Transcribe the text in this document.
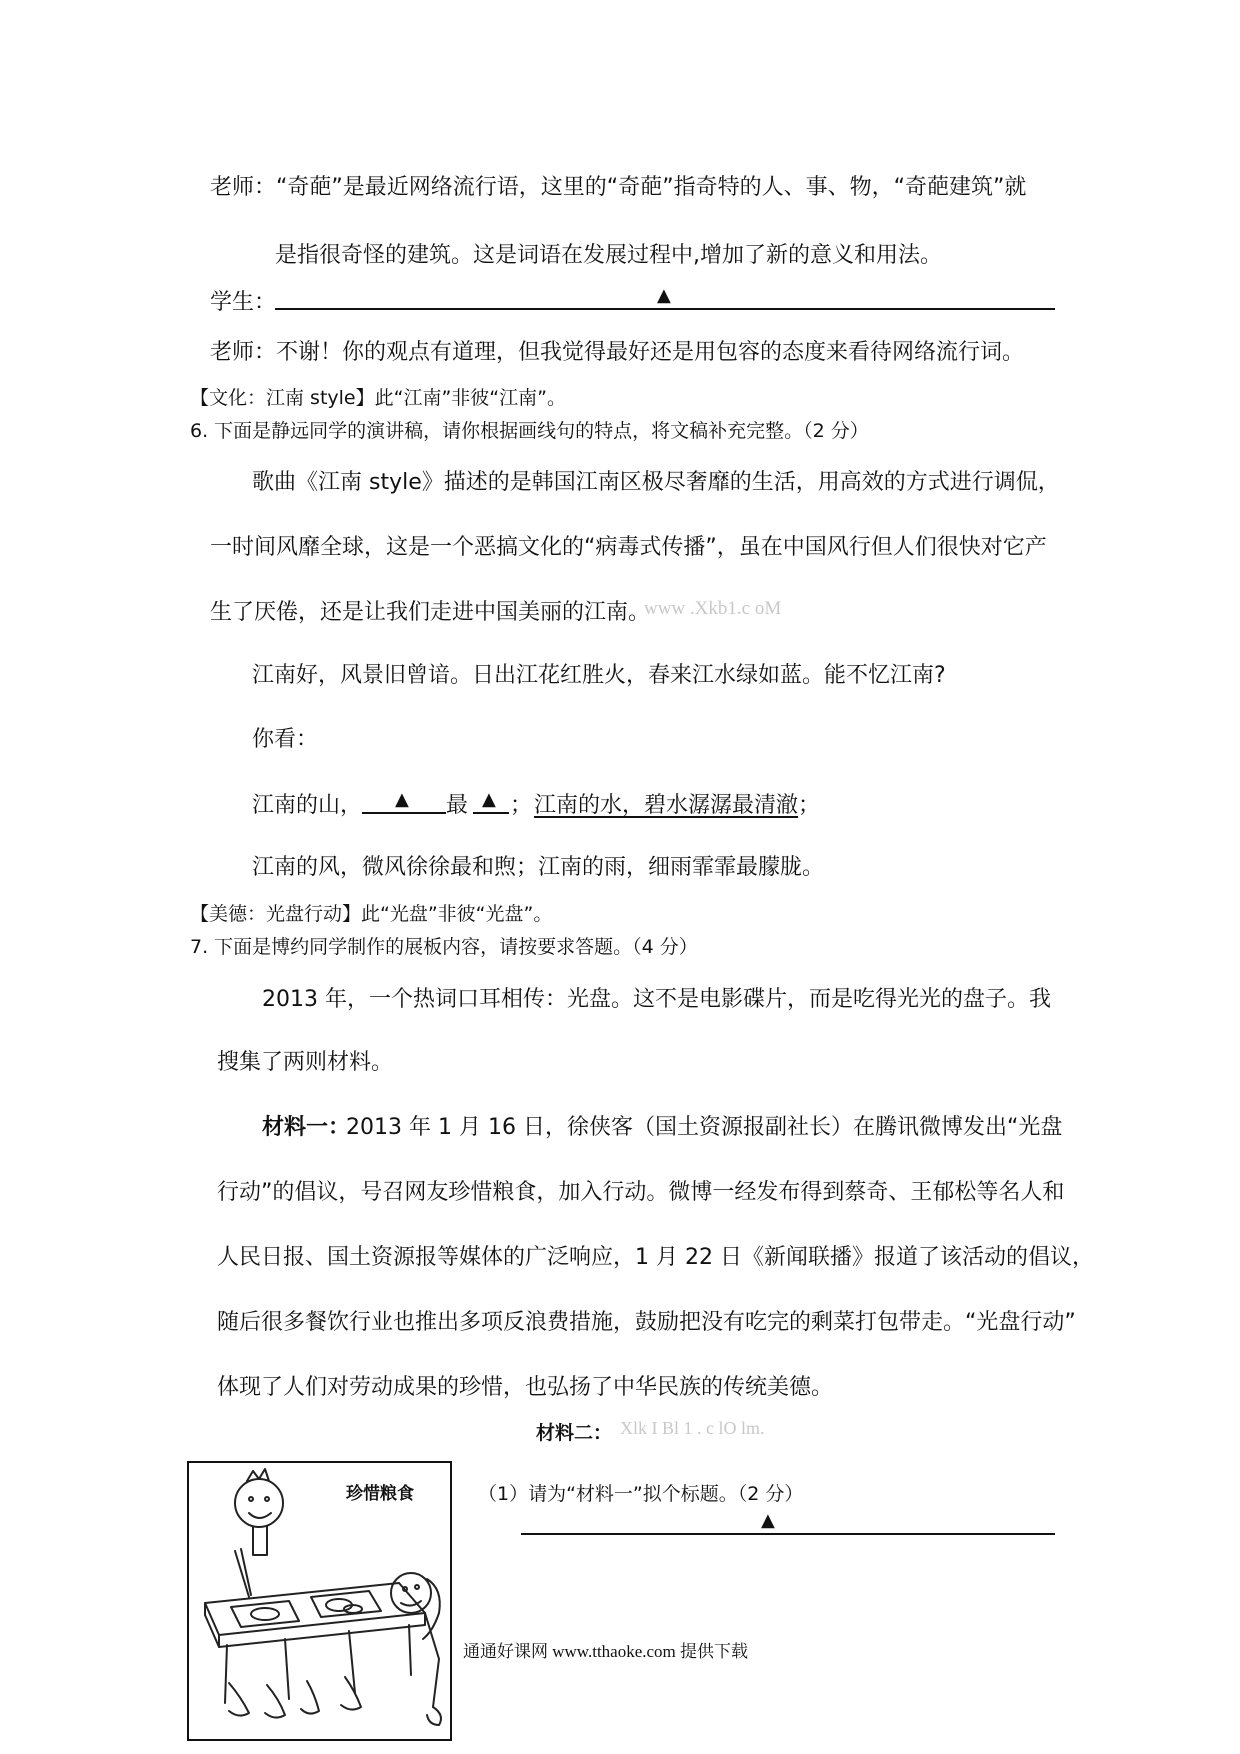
老师：“奇葩”是最近网络流行语，这里的“奇葩”指奇特的人、事、物，“奇葩建筑”就
是指很奇怪的建筑。这是词语在发展过程中,增加了新的意义和用法。
学生：	▲
老师：不谢！你的观点有道理，但我觉得最好还是用包容的态度来看待网络流行词。
【文化：江南 style】此“江南”非彼“江南”。
6. 下面是静远同学的演讲稿，请你根据画线句的特点，将文稿补充完整。（2 分）
歌曲《江南 style》描述的是韩国江南区极尽奢靡的生活，用高效的方式进行调侃，
一时间风靡全球，这是一个恶搞文化的“病毒式传播”，虽在中国风行但人们很快对它产
生了厌倦，还是让我们走进中国美丽的江南。
www .Xkb1.c oM
江南好，风景旧曾谙。日出江花红胜火，春来江水绿如蓝。能不忆江南?
你看：
江南的山， ▲ 最 ▲ ； 江南的水，碧水潺潺最清澈 ；
江南的风，微风徐徐最和煦；江南的雨，细雨霏霏最朦胧。
【美德：光盘行动】此“光盘”非彼“光盘”。
7. 下面是博约同学制作的展板内容，请按要求答题。（4 分）
2013 年，一个热词口耳相传：光盘。这不是电影碟片，而是吃得光光的盘子。我
搜集了两则材料。
材料一：
2013 年 1 月 16 日，徐侠客（国土资源报副社长）在腾讯微博发出“光盘
行动”的倡议，号召网友珍惜粮食，加入行动。微博一经发布得到蔡奇、王郁松等名人和
人民日报、国土资源报等媒体的广泛响应，1 月 22 日《新闻联播》报道了该活动的倡议，
随后很多餐饮行业也推出多项反浪费措施，鼓励把没有吃完的剩菜打包带走。“光盘行动”
体现了人们对劳动成果的珍惜，也弘扬了中华民族的传统美德。
材料二： Xlk I Bl 1 . c lO lm.
珍惜粮食	（1）请为“材料一”拟个标题。（2 分）
▲
通通好课网 www.tthaoke.com 提供下载
